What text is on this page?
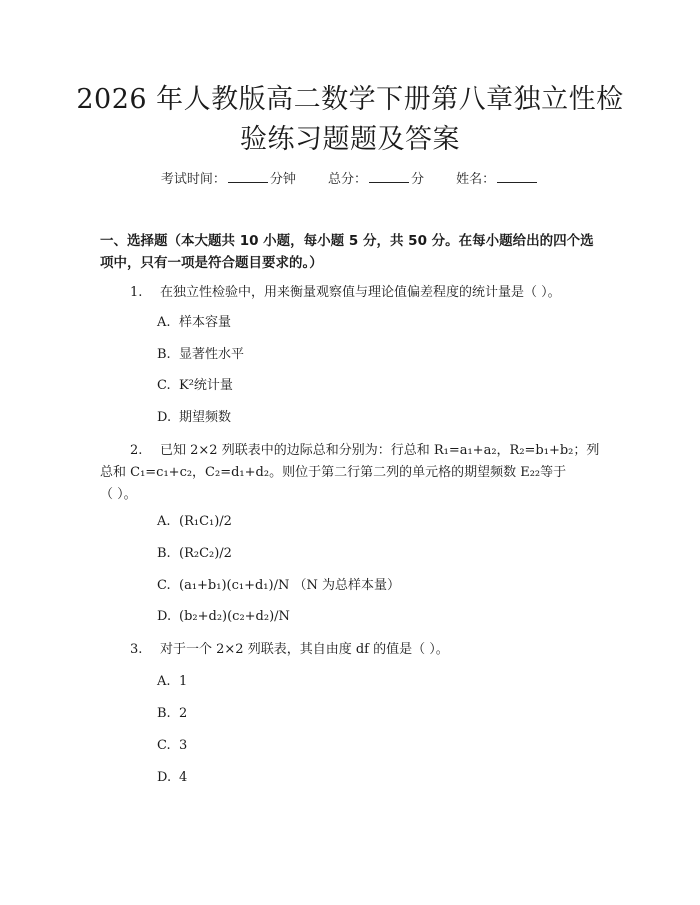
2026 年人教版高二数学下册第八章独立性检
验练习题题及答案
考试时间：	分钟 总分：	分 姓名：
一、选择题（本大题共 10 小题，每小题 5 分，共 50 分。在每小题给出的四个选项中，只有一项是符合题目要求的。）
1. 在独立性检验中，用来衡量观察值与理论值偏差程度的统计量是（ ）。
A. 样本容量
B. 显著性水平
C. K²统计量
D. 期望频数
2. 已知 2×2 列联表中的边际总和分别为：行总和 R₁=a₁+a₂，R₂=b₁+b₂；列
总和 C₁=c₁+c₂，C₂=d₁+d₂。则位于第二行第二列的单元格的期望频数 E₂₂等于
（ ）。
A. (R₁C₁)/2
B. (R₂C₂)/2
C. (a₁+b₁)(c₁+d₁)/N （N 为总样本量）
D. (b₂+d₂)(c₂+d₂)/N
3. 对于一个 2×2 列联表，其自由度 df 的值是（ ）。
A. 1
B. 2
C. 3
D. 4
